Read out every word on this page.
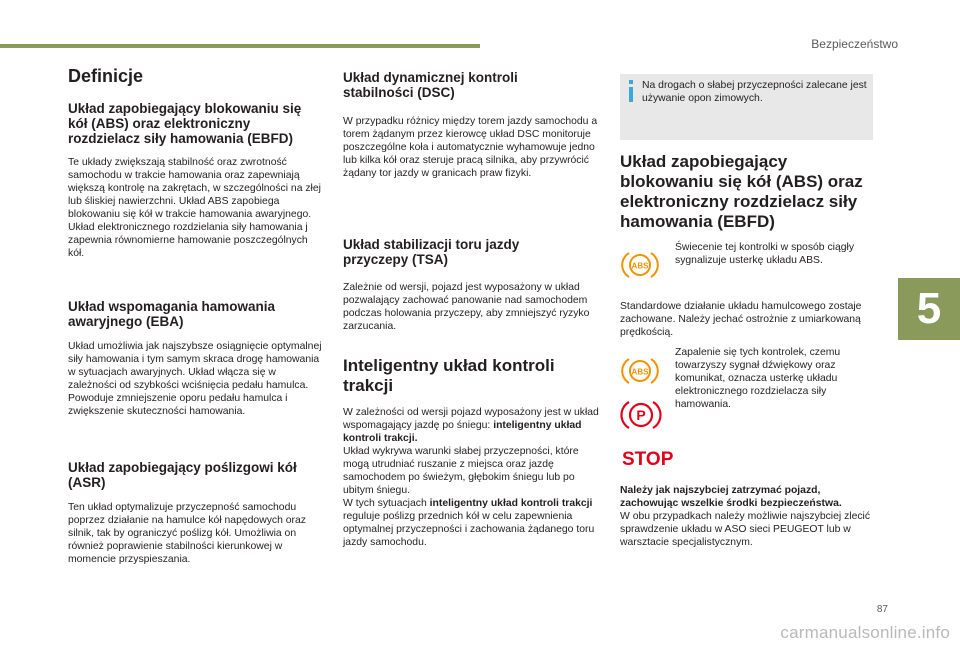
Bezpieczeństwo
5
Definicje
Układ zapobiegający blokowaniu się kół (ABS) oraz elektroniczny rozdzielacz siły hamowania (EBFD)

Te układy zwiększają stabilność oraz zwrotność samochodu w trakcie hamowania oraz zapewniają większą kontrolę na zakrętach, w szczególności na złej lub śliskiej nawierzchni. Układ ABS zapobiega blokowaniu się kół w trakcie hamowania awaryjnego. Układ elektronicznego rozdzielania siły hamowania j zapewnia równomierne hamowanie poszczególnych kół.

Układ wspomagania hamowania awaryjnego (EBA)

Układ umożliwia jak najszybsze osiągnięcie optymalnej siły hamowania i tym samym skraca drogę hamowania w sytuacjach awaryjnych. Układ włącza się w zależności od szybkości wciśnięcia pedału hamulca. Powoduje zmniejszenie oporu pedału hamulca i zwiększenie skuteczności hamowania.

Układ zapobiegający poślizgowi kół (ASR)

Ten układ optymalizuje przyczepność samochodu poprzez działanie na hamulce kół napędowych oraz silnik, tak by ograniczyć poślizg kół. Umożliwia on również poprawienie stabilności kierunkowej w momencie przyspieszania.

Układ dynamicznej kontroli stabilności (DSC)

W przypadku różnicy między torem jazdy samochodu a torem żądanym przez kierowcę układ DSC monitoruje poszczególne koła i automatycznie wyhamowuje jedno lub kilka kół oraz steruje pracą silnika, aby przywrócić żądany tor jazdy w granicach praw fizyki.

Układ stabilizacji toru jazdy przyczepy (TSA)

Zależnie od wersji, pojazd jest wyposażony w układ pozwalający zachować panowanie nad samochodem podczas holowania przyczepy, aby zmniejszyć ryzyko zarzucania.

Inteligentny układ kontroli trakcji

W zależności od wersji pojazd wyposażony jest w układ wspomagający jazdę po śniegu: inteligentny układ kontroli trakcji.

Układ wykrywa warunki słabej przyczepności, które mogą utrudniać ruszanie z miejsca oraz jazdę samochodem po świeżym, głębokim śniegu lub po ubitym śniegu.

W tych sytuacjach inteligentny układ kontroli trakcji reguluje poślizg przednich kół w celu zapewnienia optymalnej przyczepności i zachowania żądanego toru jazdy samochodu.

Na drogach o słabej przyczepności zalecane jest używanie opon zimowych.
Układ zapobiegający blokowaniu się kół (ABS) oraz elektroniczny rozdzielacz siły hamowania (EBFD)
ABS

Świecenie tej kontrolki w sposób ciągły sygnalizuje usterkę układu ABS.

Standardowe działanie układu hamulcowego zostaje zachowane. Należy jechać ostrożnie z umiarkowaną prędkością.

ABS

Zapalenie się tych kontrolek, czemu towarzyszy sygnał dźwiękowy oraz komunikat, oznacza usterkę układu elektronicznego rozdzielacza siły hamowania.

P
STOP

Należy jak najszybciej zatrzymać pojazd, zachowując wszelkie środki bezpieczeństwa.

W obu przypadkach należy możliwie najszybciej zlecić sprawdzenie układu w ASO sieci PEUGEOT lub w warsztacie specjalistycznym.

87
carmanualsonline.info
